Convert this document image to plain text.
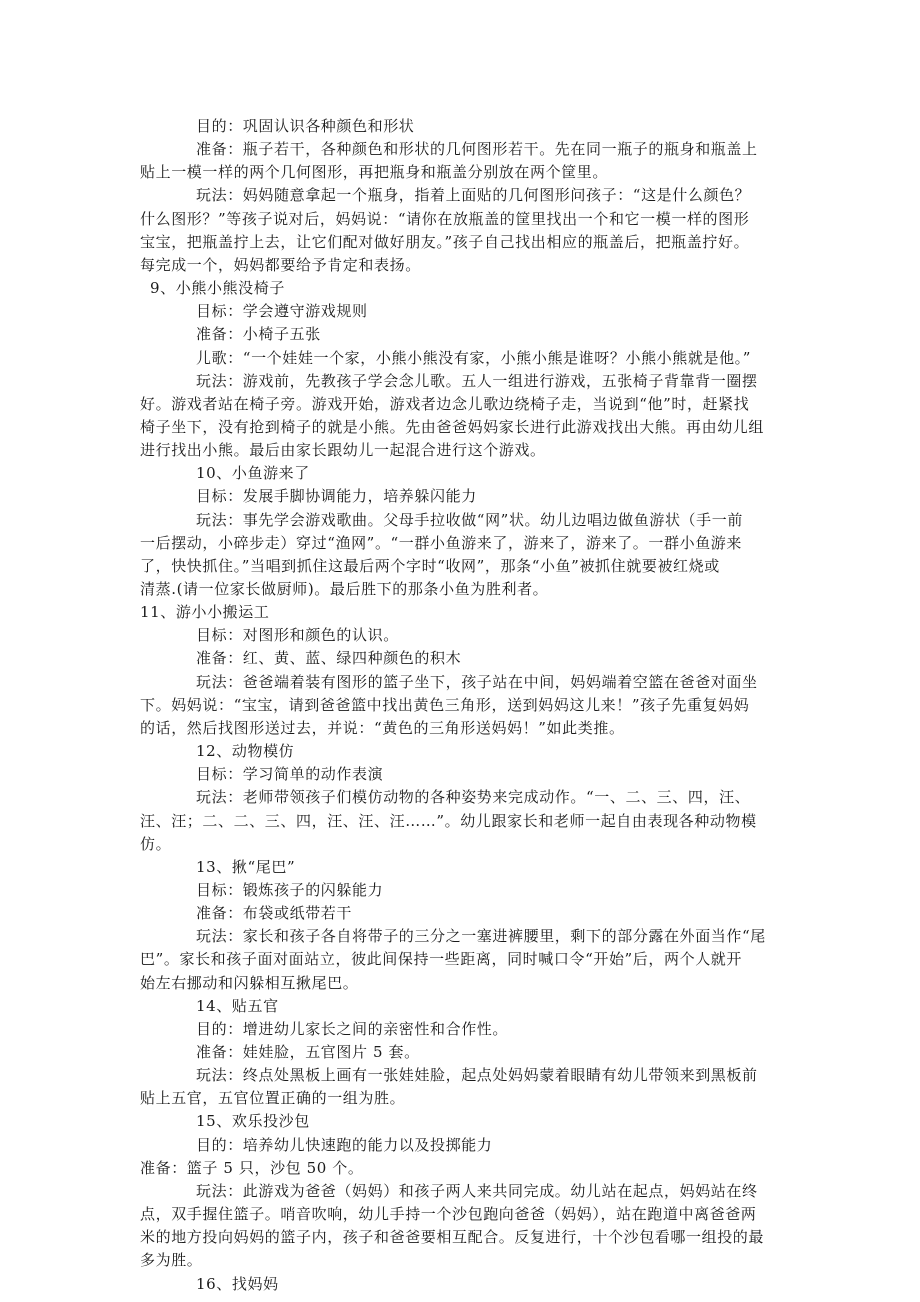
目的：巩固认识各种颜色和形状
准备：瓶子若干，各种颜色和形状的几何图形若干。先在同一瓶子的瓶身和瓶盖上
贴上一模一样的两个几何图形，再把瓶身和瓶盖分别放在两个筐里。
玩法：妈妈随意拿起一个瓶身，指着上面贴的几何图形问孩子：“这是什么颜色？
什么图形？”等孩子说对后，妈妈说：“请你在放瓶盖的筐里找出一个和它一模一样的图形
宝宝，把瓶盖拧上去，让它们配对做好朋友。”孩子自己找出相应的瓶盖后，把瓶盖拧好。
每完成一个，妈妈都要给予肯定和表扬。
9、小熊小熊没椅子
目标：学会遵守游戏规则
准备：小椅子五张
儿歌：“一个娃娃一个家，小熊小熊没有家，小熊小熊是谁呀？小熊小熊就是他。”
玩法：游戏前，先教孩子学会念儿歌。五人一组进行游戏，五张椅子背靠背一圈摆
好。游戏者站在椅子旁。游戏开始，游戏者边念儿歌边绕椅子走，当说到“他”时，赶紧找
椅子坐下，没有抢到椅子的就是小熊。先由爸爸妈妈家长进行此游戏找出大熊。再由幼儿组
进行找出小熊。最后由家长跟幼儿一起混合进行这个游戏。
10、小鱼游来了
目标：发展手脚协调能力，培养躲闪能力
玩法：事先学会游戏歌曲。父母手拉收做“网”状。幼儿边唱边做鱼游状（手一前
一后摆动，小碎步走）穿过“渔网”。“一群小鱼游来了，游来了，游来了。一群小鱼游来
了，快快抓住。”当唱到抓住这最后两个字时“收网”，那条“小鱼”被抓住就要被红烧或
清蒸.(请一位家长做厨师)。最后胜下的那条小鱼为胜利者。
11、游小小搬运工
目标：对图形和颜色的认识。
准备：红、黄、蓝、绿四种颜色的积木
玩法：爸爸端着装有图形的篮子坐下，孩子站在中间，妈妈端着空篮在爸爸对面坐
下。妈妈说：“宝宝，请到爸爸篮中找出黄色三角形，送到妈妈这儿来！”孩子先重复妈妈
的话，然后找图形送过去，并说：“黄色的三角形送妈妈！”如此类推。
12、动物模仿
目标：学习简单的动作表演
玩法：老师带领孩子们模仿动物的各种姿势来完成动作。“一、二、三、四，汪、
汪、汪；二、二、三、四，汪、汪、汪……”。幼儿跟家长和老师一起自由表现各种动物模
仿。
13、揪“尾巴”
目标：锻炼孩子的闪躲能力
准备：布袋或纸带若干
玩法：家长和孩子各自将带子的三分之一塞进裤腰里，剩下的部分露在外面当作“尾
巴”。家长和孩子面对面站立，彼此间保持一些距离，同时喊口令“开始”后，两个人就开
始左右挪动和闪躲相互揪尾巴。
14、贴五官
目的：增进幼儿家长之间的亲密性和合作性。
准备：娃娃脸，五官图片 5 套。
玩法：终点处黑板上画有一张娃娃脸，起点处妈妈蒙着眼睛有幼儿带领来到黑板前
贴上五官，五官位置正确的一组为胜。
15、欢乐投沙包
目的：培养幼儿快速跑的能力以及投掷能力
准备：篮子 5 只，沙包 50 个。
玩法：此游戏为爸爸（妈妈）和孩子两人来共同完成。幼儿站在起点，妈妈站在终
点，双手握住篮子。哨音吹响，幼儿手持一个沙包跑向爸爸（妈妈），站在跑道中离爸爸两
米的地方投向妈妈的篮子内，孩子和爸爸要相互配合。反复进行，十个沙包看哪一组投的最
多为胜。
16、找妈妈
